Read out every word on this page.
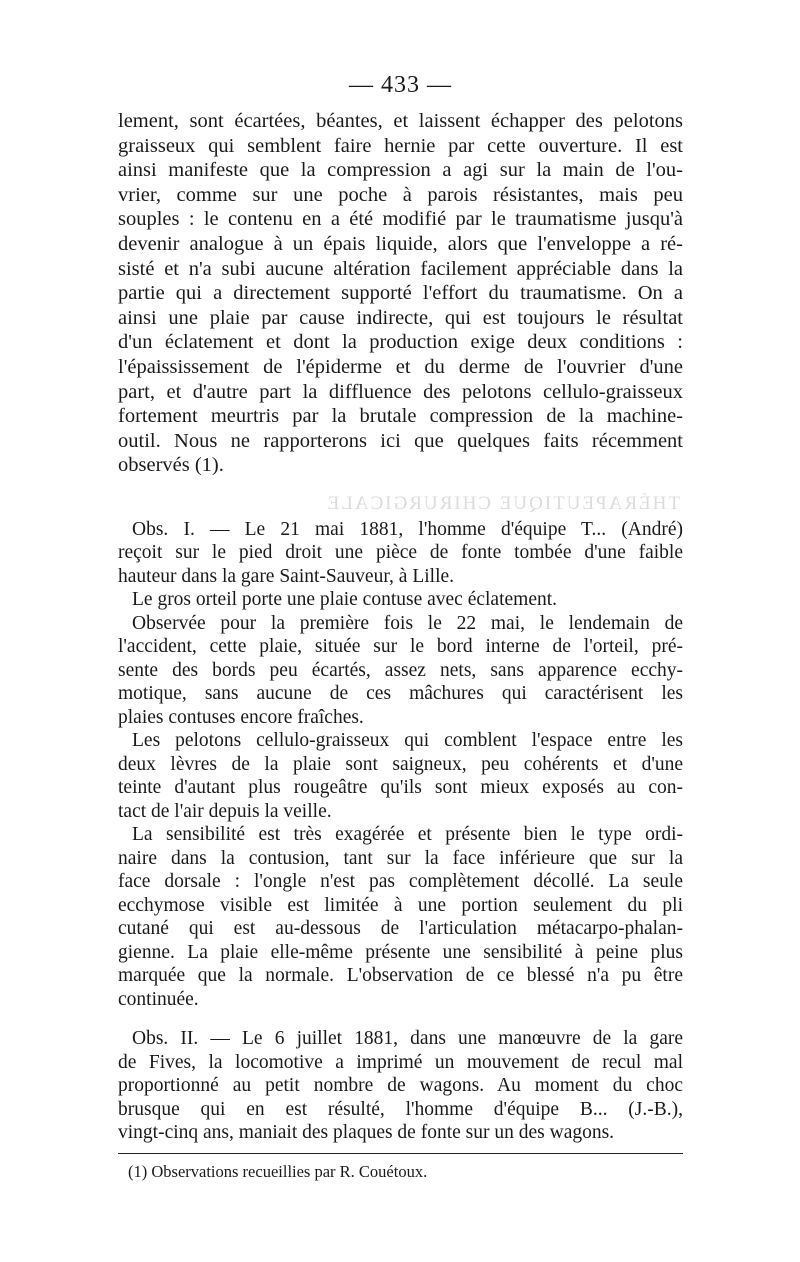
THÉRAPEUTIQUE CHIRURGICALE
— 433 —
lement, sont écartées, béantes, et laissent échapper des pelotons
graisseux qui semblent faire hernie par cette ouverture. Il est
ainsi manifeste que la compression a agi sur la main de l'ou-
vrier, comme sur une poche à parois résistantes, mais peu
souples : le contenu en a été modifié par le traumatisme jusqu'à
devenir analogue à un épais liquide, alors que l'enveloppe a ré-
sisté et n'a subi aucune altération facilement appréciable dans la
partie qui a directement supporté l'effort du traumatisme. On a
ainsi une plaie par cause indirecte, qui est toujours le résultat
d'un éclatement et dont la production exige deux conditions :
l'épaississement de l'épiderme et du derme de l'ouvrier d'une
part, et d'autre part la diffluence des pelotons cellulo-graisseux
fortement meurtris par la brutale compression de la machine-
outil. Nous ne rapporterons ici que quelques faits récemment
observés (1).
Obs. I. — Le 21 mai 1881, l'homme d'équipe T... (André)
reçoit sur le pied droit une pièce de fonte tombée d'une faible
hauteur dans la gare Saint-Sauveur, à Lille.
Le gros orteil porte une plaie contuse avec éclatement.
Observée pour la première fois le 22 mai, le lendemain de
l'accident, cette plaie, située sur le bord interne de l'orteil, pré-
sente des bords peu écartés, assez nets, sans apparence ecchy-
motique, sans aucune de ces mâchures qui caractérisent les
plaies contuses encore fraîches.
Les pelotons cellulo-graisseux qui comblent l'espace entre les
deux lèvres de la plaie sont saigneux, peu cohérents et d'une
teinte d'autant plus rougeâtre qu'ils sont mieux exposés au con-
tact de l'air depuis la veille.
La sensibilité est très exagérée et présente bien le type ordi-
naire dans la contusion, tant sur la face inférieure que sur la
face dorsale : l'ongle n'est pas complètement décollé. La seule
ecchymose visible est limitée à une portion seulement du pli
cutané qui est au-dessous de l'articulation métacarpo-phalan-
gienne. La plaie elle-même présente une sensibilité à peine plus
marquée que la normale. L'observation de ce blessé n'a pu être
continuée.
Obs. II. — Le 6 juillet 1881, dans une manœuvre de la gare
de Fives, la locomotive a imprimé un mouvement de recul mal
proportionné au petit nombre de wagons. Au moment du choc
brusque qui en est résulté, l'homme d'équipe B... (J.-B.),
vingt-cinq ans, maniait des plaques de fonte sur un des wagons.

(1) Observations recueillies par R. Couétoux.
